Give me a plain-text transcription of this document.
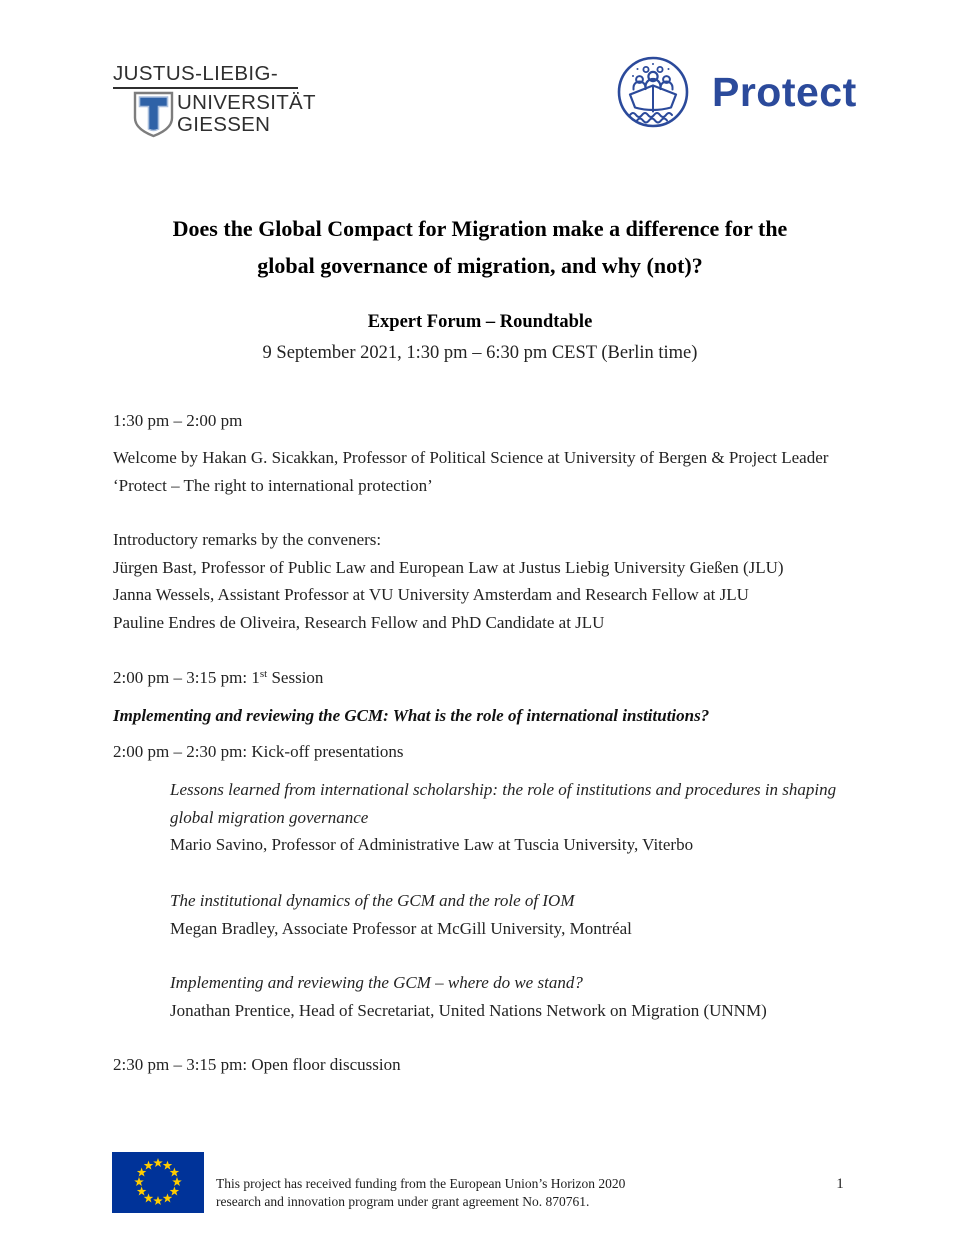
JUSTUS-LIEBIG-
UNIVERSITÄT
GIESSEN
Protect
Does the Global Compact for Migration make a difference for the
global governance of migration, and why (not)?
Expert Forum – Roundtable
9 September 2021, 1:30 pm – 6:30 pm CEST (Berlin time)
1:30 pm – 2:00 pm
Welcome by Hakan G. Sicakkan, Professor of Political Science at University of Bergen & Project Leader ‘Protect – The right to international protection’
Introductory remarks by the conveners:
Jürgen Bast, Professor of Public Law and European Law at Justus Liebig University Gießen (JLU)
Janna Wessels, Assistant Professor at VU University Amsterdam and Research Fellow at JLU
Pauline Endres de Oliveira, Research Fellow and PhD Candidate at JLU
2:00 pm – 3:15 pm: 1st Session
Implementing and reviewing the GCM: What is the role of international institutions?
2:00 pm – 2:30 pm: Kick-off presentations
Lessons learned from international scholarship: the role of institutions and procedures in shaping global migration governance
Mario Savino, Professor of Administrative Law at Tuscia University, Viterbo
The institutional dynamics of the GCM and the role of IOM
Megan Bradley, Associate Professor at McGill University, Montréal
Implementing and reviewing the GCM – where do we stand?
Jonathan Prentice, Head of Secretariat, United Nations Network on Migration (UNNM)
2:30 pm – 3:15 pm: Open floor discussion
This project has received funding from the European Union’s Horizon 2020
research and innovation program under grant agreement No. 870761.
1
